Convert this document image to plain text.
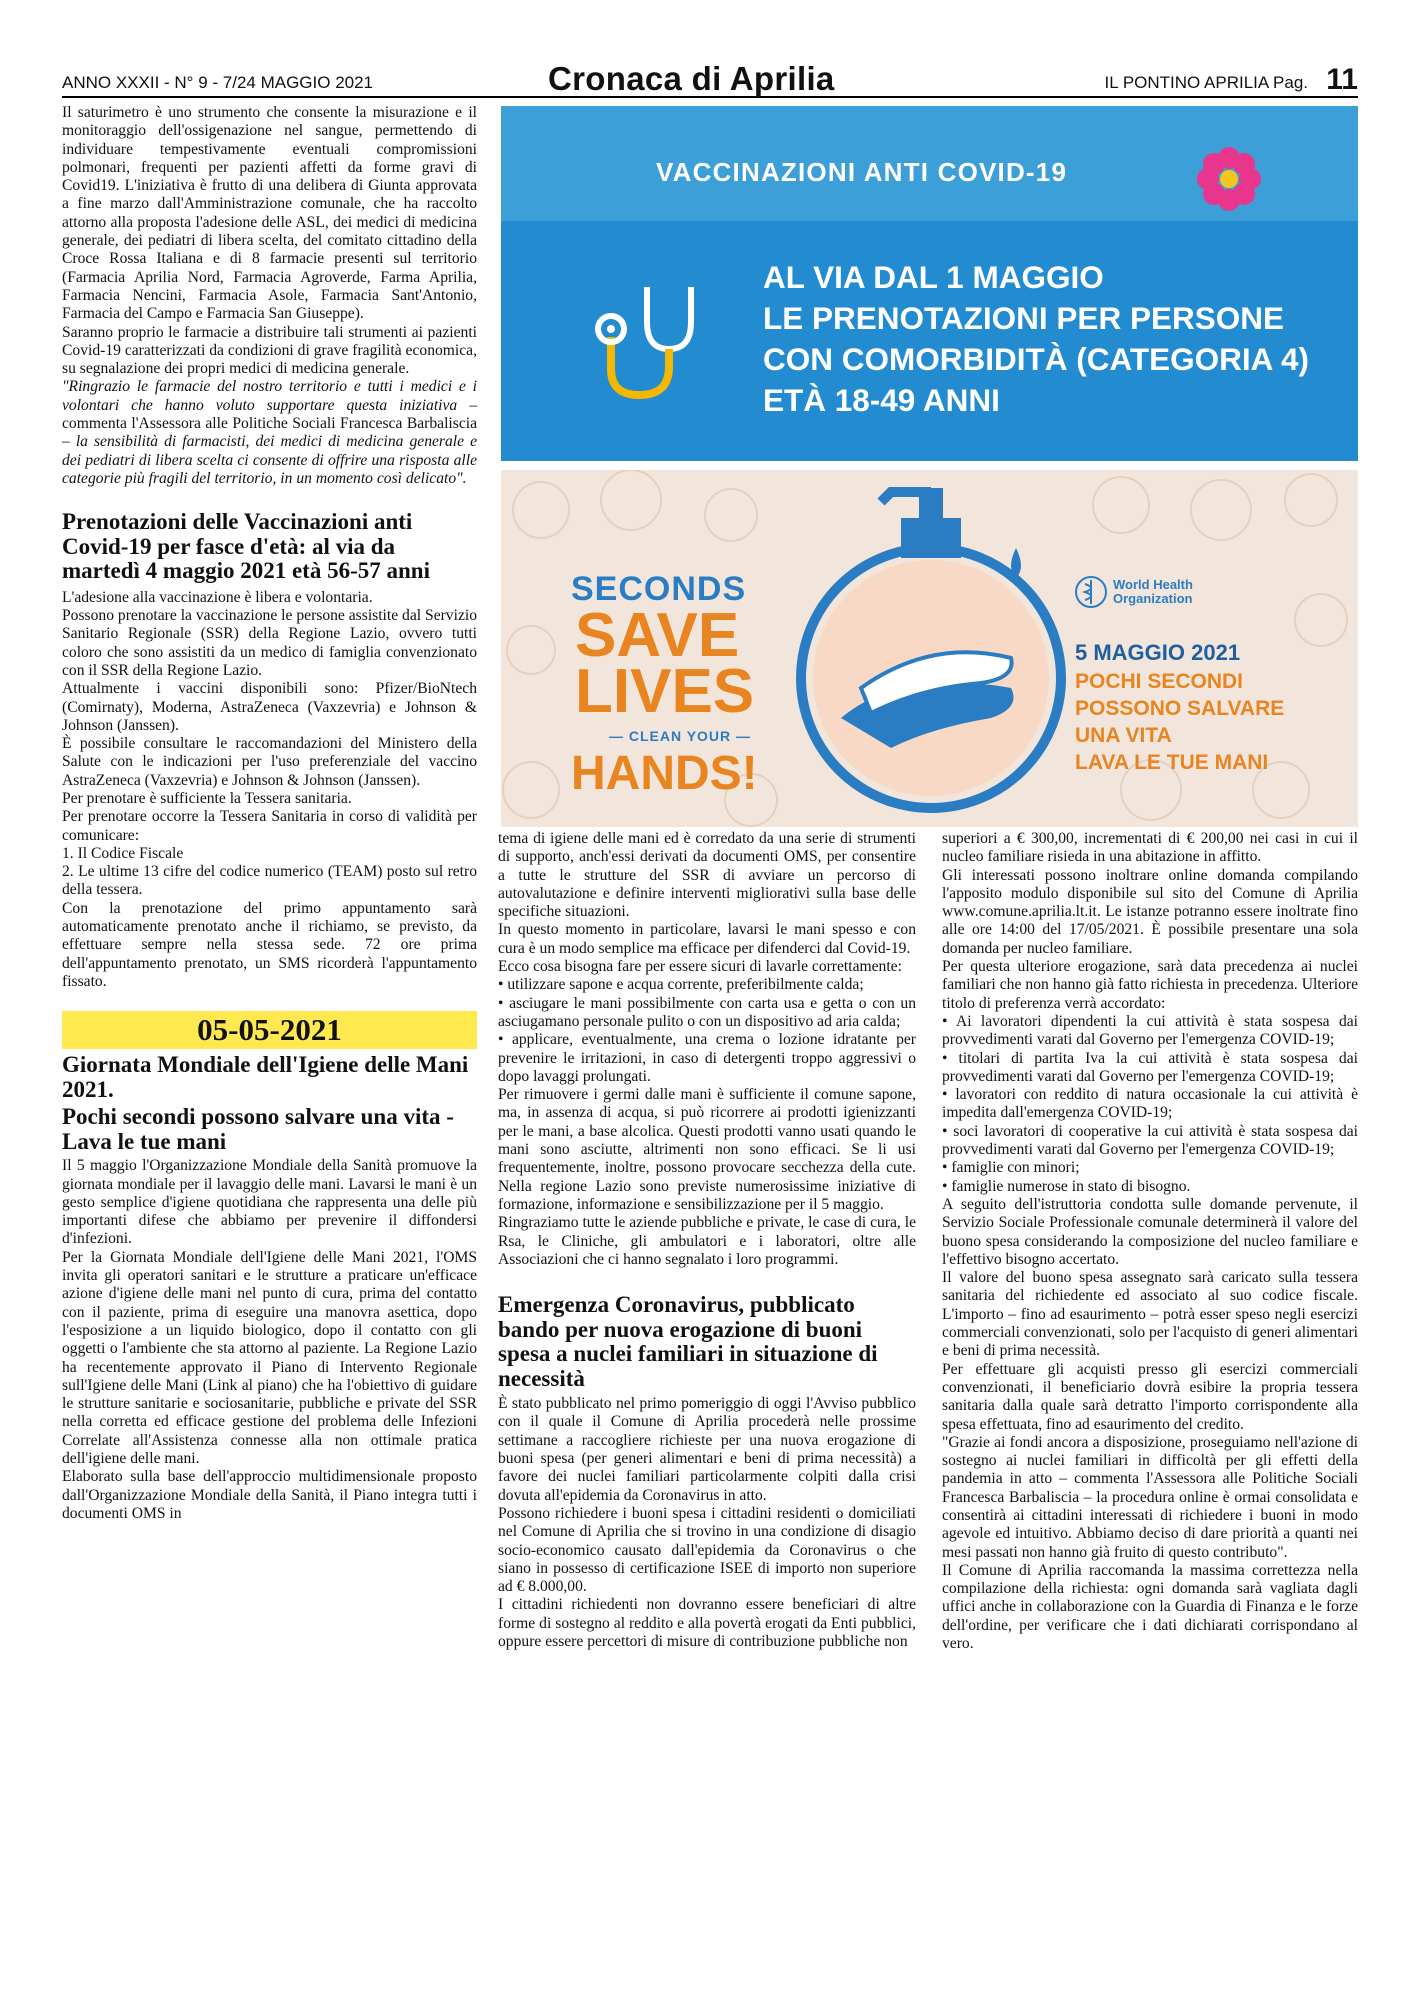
ANNO XXXII - N° 9 - 7/24 MAGGIO 2021	Cronaca di Aprilia	IL PONTINO APRILIA Pag. 11

Il saturimetro è uno strumento che consente la misurazione e il monitoraggio dell'ossigenazione nel sangue, permettendo di individuare tempestivamente eventuali compromissioni polmonari, frequenti per pazienti affetti da forme gravi di Covid19. L'iniziativa è frutto di una delibera di Giunta approvata a fine marzo dall'Amministrazione comunale, che ha raccolto attorno alla proposta l'adesione delle ASL, dei medici di medicina generale, dei pediatri di libera scelta, del comitato cittadino della Croce Rossa Italiana e di 8 farmacie presenti sul territorio (Farmacia Aprilia Nord, Farmacia Agroverde, Farma Aprilia, Farmacia Nencini, Farmacia Asole, Farmacia Sant'Antonio, Farmacia del Campo e Farmacia San Giuseppe).

Saranno proprio le farmacie a distribuire tali strumenti ai pazienti Covid-19 caratterizzati da condizioni di grave fragilità economica, su segnalazione dei propri medici di medicina generale.

"Ringrazio le farmacie del nostro territorio e tutti i medici e i volontari che hanno voluto supportare questa iniziativa – commenta l'Assessora alle Politiche Sociali Francesca Barbaliscia – la sensibilità di farmacisti, dei medici di medicina generale e dei pediatri di libera scelta ci consente di offrire una risposta alle categorie più fragili del territorio, in un momento così delicato".

Prenotazioni delle Vaccinazioni anti Covid-19 per fasce d'età: al via da martedì 4 maggio 2021 età 56-57 anni

L'adesione alla vaccinazione è libera e volontaria.

Possono prenotare la vaccinazione le persone assistite dal Servizio Sanitario Regionale (SSR) della Regione Lazio, ovvero tutti coloro che sono assistiti da un medico di famiglia convenzionato con il SSR della Regione Lazio.

Attualmente i vaccini disponibili sono: Pfizer/BioNtech (Comirnaty), Moderna, AstraZeneca (Vaxzevria) e Johnson & Johnson (Janssen).

È possibile consultare le raccomandazioni del Ministero della Salute con le indicazioni per l'uso preferenziale del vaccino AstraZeneca (Vaxzevria) e Johnson & Johnson (Janssen).

Per prenotare è sufficiente la Tessera sanitaria.

Per prenotare occorre la Tessera Sanitaria in corso di validità per comunicare:

1. Il Codice Fiscale

2. Le ultime 13 cifre del codice numerico (TEAM) posto sul retro della tessera.

Con la prenotazione del primo appuntamento sarà automaticamente prenotato anche il richiamo, se previsto, da effettuare sempre nella stessa sede. 72 ore prima dell'appuntamento prenotato, un SMS ricorderà l'appuntamento fissato.

05-05-2021
Giornata Mondiale dell'Igiene delle Mani 2021.
Pochi secondi possono salvare una vita - Lava le tue mani

Il 5 maggio l'Organizzazione Mondiale della Sanità promuove la giornata mondiale per il lavaggio delle mani. Lavarsi le mani è un gesto semplice d'igiene quotidiana che rappresenta una delle più importanti difese che abbiamo per prevenire il diffondersi d'infezioni.

Per la Giornata Mondiale dell'Igiene delle Mani 2021, l'OMS invita gli operatori sanitari e le strutture a praticare un'efficace azione d'igiene delle mani nel punto di cura, prima del contatto con il paziente, prima di eseguire una manovra asettica, dopo l'esposizione a un liquido biologico, dopo il contatto con gli oggetti o l'ambiente che sta attorno al paziente. La Regione Lazio ha recentemente approvato il Piano di Intervento Regionale sull'Igiene delle Mani (Link al piano) che ha l'obiettivo di guidare le strutture sanitarie e sociosanitarie, pubbliche e private del SSR nella corretta ed efficace gestione del problema delle Infezioni Correlate all'Assistenza connesse alla non ottimale pratica dell'igiene delle mani.

Elaborato sulla base dell'approccio multidimensionale proposto dall'Organizzazione Mondiale della Sanità, il Piano integra tutti i documenti OMS in

VACCINAZIONI ANTI COVID-19
AL VIA DAL 1 MAGGIO
LE PRENOTAZIONI PER PERSONE
CON COMORBIDITÀ (CATEGORIA 4)
ETÀ 18-49 ANNI
SECONDS
SAVE
LIVES
— CLEAN YOUR —
HANDS!
World Health
Organization
5 MAGGIO 2021
POCHI SECONDI
POSSONO SALVARE
UNA VITA
LAVA LE TUE MANI

tema di igiene delle mani ed è corredato da una serie di strumenti di supporto, anch'essi derivati da documenti OMS, per consentire a tutte le strutture del SSR di avviare un percorso di autovalutazione e definire interventi migliorativi sulla base delle specifiche situazioni.

In questo momento in particolare, lavarsi le mani spesso e con cura è un modo semplice ma efficace per difenderci dal Covid-19.

Ecco cosa bisogna fare per essere sicuri di lavarle correttamente:

• utilizzare sapone e acqua corrente, preferibilmente calda;

• asciugare le mani possibilmente con carta usa e getta o con un asciugamano personale pulito o con un dispositivo ad aria calda;

• applicare, eventualmente, una crema o lozione idratante per prevenire le irritazioni, in caso di detergenti troppo aggressivi o dopo lavaggi prolungati.

Per rimuovere i germi dalle mani è sufficiente il comune sapone, ma, in assenza di acqua, si può ricorrere ai prodotti igienizzanti per le mani, a base alcolica. Questi prodotti vanno usati quando le mani sono asciutte, altrimenti non sono efficaci. Se li usi frequentemente, inoltre, possono provocare secchezza della cute. Nella regione Lazio sono previste numerosissime iniziative di formazione, informazione e sensibilizzazione per il 5 maggio.

Ringraziamo tutte le aziende pubbliche e private, le case di cura, le Rsa, le Cliniche, gli ambulatori e i laboratori, oltre alle Associazioni che ci hanno segnalato i loro programmi.

Emergenza Coronavirus, pubblicato bando per nuova erogazione di buoni spesa a nuclei familiari in situazione di necessità

È stato pubblicato nel primo pomeriggio di oggi l'Avviso pubblico con il quale il Comune di Aprilia procederà nelle prossime settimane a raccogliere richieste per una nuova erogazione di buoni spesa (per generi alimentari e beni di prima necessità) a favore dei nuclei familiari particolarmente colpiti dalla crisi dovuta all'epidemia da Coronavirus in atto.

Possono richiedere i buoni spesa i cittadini residenti o domiciliati nel Comune di Aprilia che si trovino in una condizione di disagio socio-economico causato dall'epidemia da Coronavirus o che siano in possesso di certificazione ISEE di importo non superiore ad € 8.000,00.

I cittadini richiedenti non dovranno essere beneficiari di altre forme di sostegno al reddito e alla povertà erogati da Enti pubblici, oppure essere percettori di misure di contribuzione pubbliche non

superiori a € 300,00, incrementati di € 200,00 nei casi in cui il nucleo familiare risieda in una abitazione in affitto.

Gli interessati possono inoltrare online domanda compilando l'apposito modulo disponibile sul sito del Comune di Aprilia www.comune.aprilia.lt.it. Le istanze potranno essere inoltrate fino alle ore 14:00 del 17/05/2021. È possibile presentare una sola domanda per nucleo familiare.

Per questa ulteriore erogazione, sarà data precedenza ai nuclei familiari che non hanno già fatto richiesta in precedenza. Ulteriore titolo di preferenza verrà accordato:

• Ai lavoratori dipendenti la cui attività è stata sospesa dai provvedimenti varati dal Governo per l'emergenza COVID-19;

• titolari di partita Iva la cui attività è stata sospesa dai provvedimenti varati dal Governo per l'emergenza COVID-19;

• lavoratori con reddito di natura occasionale la cui attività è impedita dall'emergenza COVID-19;

• soci lavoratori di cooperative la cui attività è stata sospesa dai provvedimenti varati dal Governo per l'emergenza COVID-19;

• famiglie con minori;

• famiglie numerose in stato di bisogno.

A seguito dell'istruttoria condotta sulle domande pervenute, il Servizio Sociale Professionale comunale determinerà il valore del buono spesa considerando la composizione del nucleo familiare e l'effettivo bisogno accertato.

Il valore del buono spesa assegnato sarà caricato sulla tessera sanitaria del richiedente ed associato al suo codice fiscale. L'importo – fino ad esaurimento – potrà esser speso negli esercizi commerciali convenzionati, solo per l'acquisto di generi alimentari e beni di prima necessità.

Per effettuare gli acquisti presso gli esercizi commerciali convenzionati, il beneficiario dovrà esibire la propria tessera sanitaria dalla quale sarà detratto l'importo corrispondente alla spesa effettuata, fino ad esaurimento del credito.

"Grazie ai fondi ancora a disposizione, proseguiamo nell'azione di sostegno ai nuclei familiari in difficoltà per gli effetti della pandemia in atto – commenta l'Assessora alle Politiche Sociali Francesca Barbaliscia – la procedura online è ormai consolidata e consentirà ai cittadini interessati di richiedere i buoni in modo agevole ed intuitivo. Abbiamo deciso di dare priorità a quanti nei mesi passati non hanno già fruito di questo contributo".

Il Comune di Aprilia raccomanda la massima correttezza nella compilazione della richiesta: ogni domanda sarà vagliata dagli uffici anche in collaborazione con la Guardia di Finanza e le forze dell'ordine, per verificare che i dati dichiarati corrispondano al vero.
